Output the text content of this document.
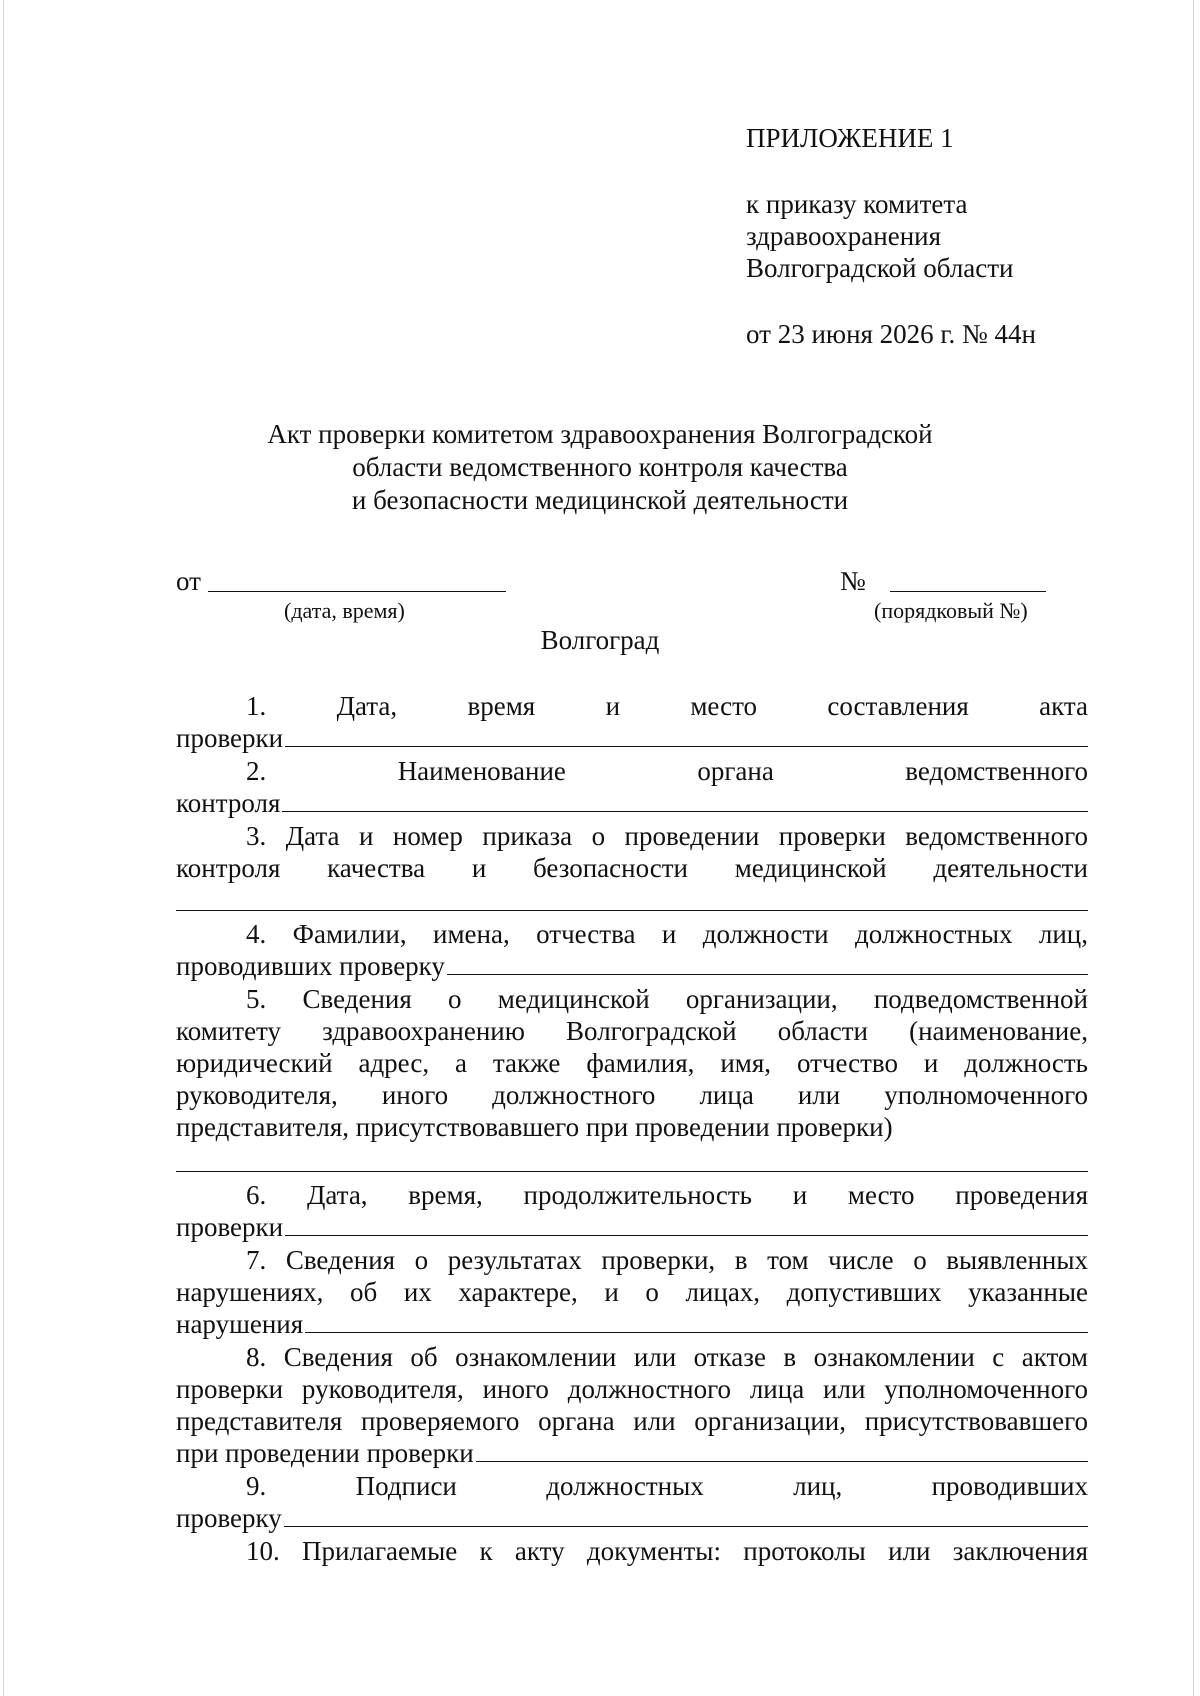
ПРИЛОЖЕНИЕ 1
к приказу комитета
здравоохранения
Волгоградской области
от 23 июня 2026 г. № 44н
Акт проверки комитетом здравоохранения Волгоградской
области ведомственного контроля качества
и безопасности медицинской деятельности
от
(дата, время)
№
(порядковый №)
Волгоград
1.	Дата,	время	и	место	составления	акта
проверки
2.	Наименование	органа	ведомственного
контроля
3. Дата и номер приказа о проведении проверки ведомственного
контроля качества и безопасности медицинской деятельности
4. Фамилии, имена, отчества и должности должностных лиц,
проводивших проверку
5. Сведения о медицинской организации, подведомственной
комитету здравоохранению Волгоградской области (наименование,
юридический адрес, а также фамилия, имя, отчество и должность
руководителя, иного должностного лица или уполномоченного
представителя, присутствовавшего при проведении проверки)
6. Дата, время, продолжительность и место проведения
проверки
7. Сведения о результатах проверки, в том числе о выявленных
нарушениях, об их характере, и о лицах, допустивших указанные
нарушения
8. Сведения об ознакомлении или отказе в ознакомлении с актом
проверки руководителя, иного должностного лица или уполномоченного
представителя проверяемого органа или организации, присутствовавшего
при проведении проверки
9.	Подписи	должностных	лиц,	проводивших
проверку
10. Прилагаемые к акту документы: протоколы или заключения
